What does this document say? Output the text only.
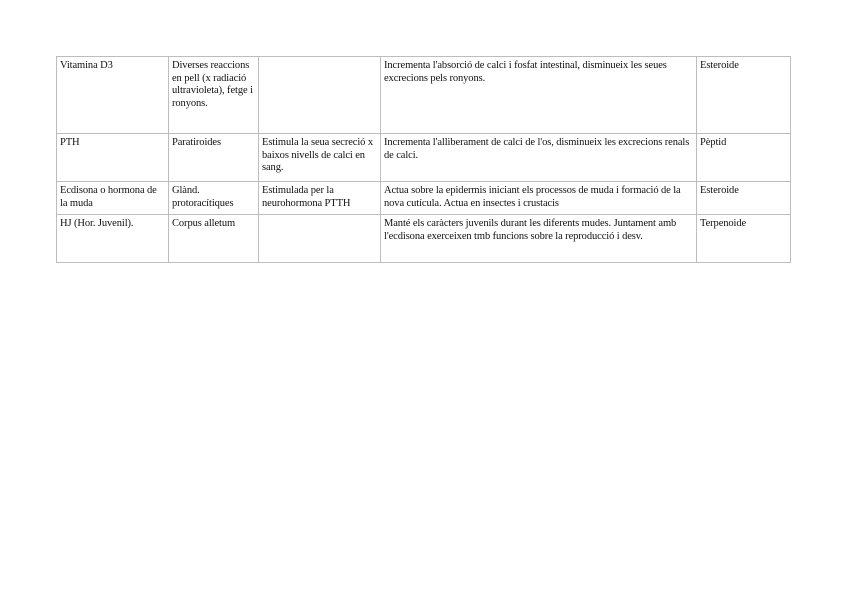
Vitamina D3	Diverses reaccions en pell (x radiació ultravioleta), fetge i ronyons.		Incrementa l'absorció de calci i fosfat intestinal, disminueix les seues excrecions pels ronyons.	Esteroide
PTH	Paratiroides	Estimula la seua secreció x baixos nivells de calci en sang.	Incrementa l'alliberament de calci de l'os, disminueix les excrecions renals de calci.	Pèptid
Ecdisona o hormona de la muda	Glànd. protoracítiques	Estimulada per la neurohormona PTTH	Actua sobre la epidermis iniciant els processos de muda i formació de la nova cutícula. Actua en insectes i crustacis	Esteroide
HJ (Hor. Juvenil).	Corpus alletum		Manté els caràcters juvenils durant les diferents mudes. Juntament amb l'ecdisona exerceixen tmb funcions sobre la reproducció i desv.	Terpenoide
